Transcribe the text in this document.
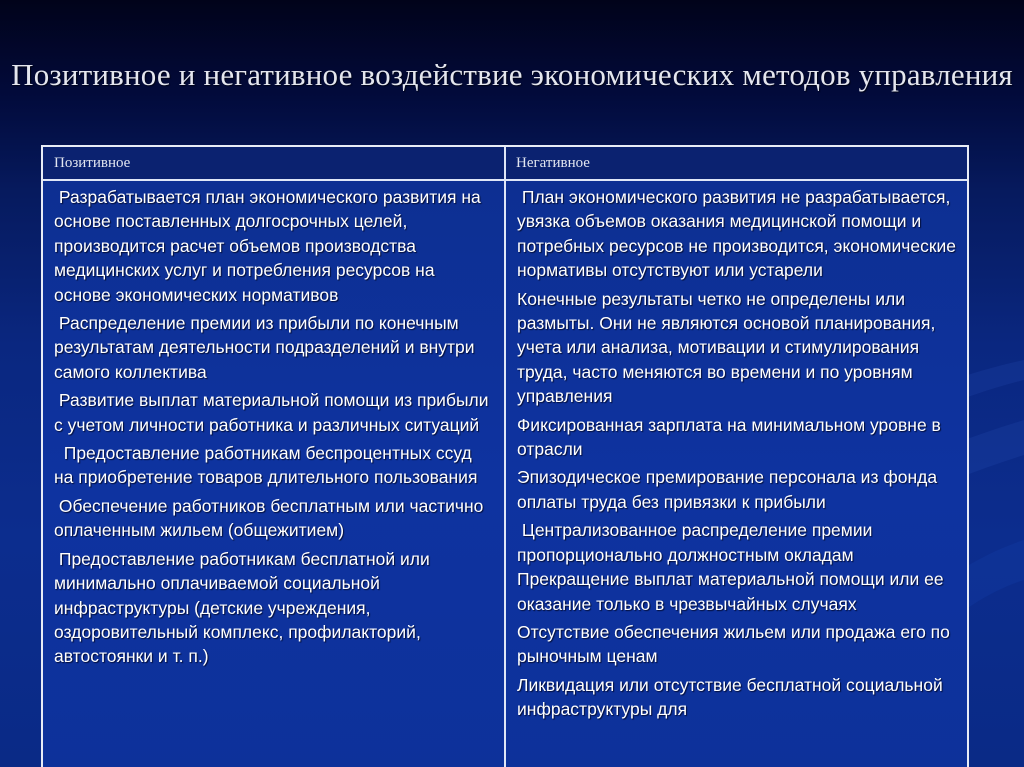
Позитивное и негативное воздействие экономических методов управления
Позитивное	Негативное
Разрабатывается план экономического развития на основе поставленных долгосрочных целей, производится расчет объемов производства медицинских услуг и потребления ресурсов на основе экономических нормативов
Распределение премии из прибыли по конечным результатам деятельности подразделений и внутри самого коллектива
Развитие выплат материальной помощи из прибыли с учетом личности работника и различных ситуаций
Предоставление работникам беспроцентных ссуд на приобретение товаров длительного пользования
Обеспечение работников бесплатным или частично оплаченным жильем (общежитием)
Предоставление работникам бесплатной или минимально оплачиваемой социальной инфраструктуры (детские учреждения, оздоровительный комплекс, профилакторий, автостоянки и т. п.)
План экономического развития не разрабатывается, увязка объемов оказания медицинской помощи и потребных ресурсов не производится, экономические нормативы отсутствуют или устарели
Конечные результаты четко не определены или размыты. Они не являются основой планирования, учета или анализа, мотивации и стимулирования труда, часто меняются во времени и по уровням управления
Фиксированная зарплата на минимальном уровне в отрасли
Эпизодическое премирование персонала из фонда оплаты труда без привязки к прибыли
Централизованное распределение премии пропорционально должностным окладам
Прекращение выплат материальной помощи или ее оказание только в чрезвычайных случаях
Отсутствие обеспечения жильем или продажа его по рыночным ценам
Ликвидация или отсутствие бесплатной социальной инфраструктуры для
